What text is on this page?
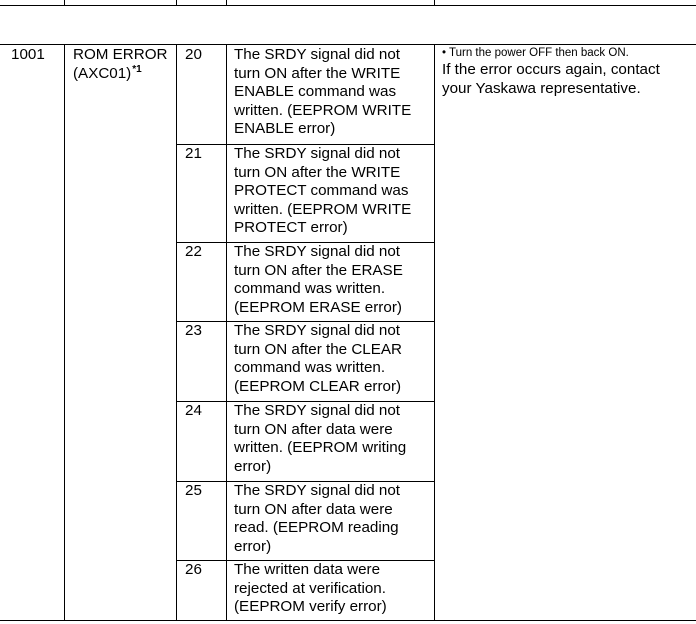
1001 ROM ERROR
$(AXC01)^{*1}$
20 The SRDY signal did not
turn ON after the WRITE
ENABLE command was
written. (EEPROM WRITE
ENABLE error)
21 The SRDY signal did not
turn ON after the WRITE
PROTECT command was
written. (EEPROM WRITE
PROTECT error)
22 The SRDY signal did not
turn ON after the ERASE
command was written.
(EEPROM ERASE error)
23 The SRDY signal did not
turn ON after the CLEAR
command was written.
(EEPROM CLEAR error)
24 The SRDY signal did not
turn ON after data were
written. (EEPROM writing
error)
25 The SRDY signal did not
turn ON after data were
read. (EEPROM reading
error)
26 The written data were
rejected at verification.
(EEPROM verify error)
• Turn the power OFF then back ON.
If the error occurs again, contact
your Yaskawa representative.
